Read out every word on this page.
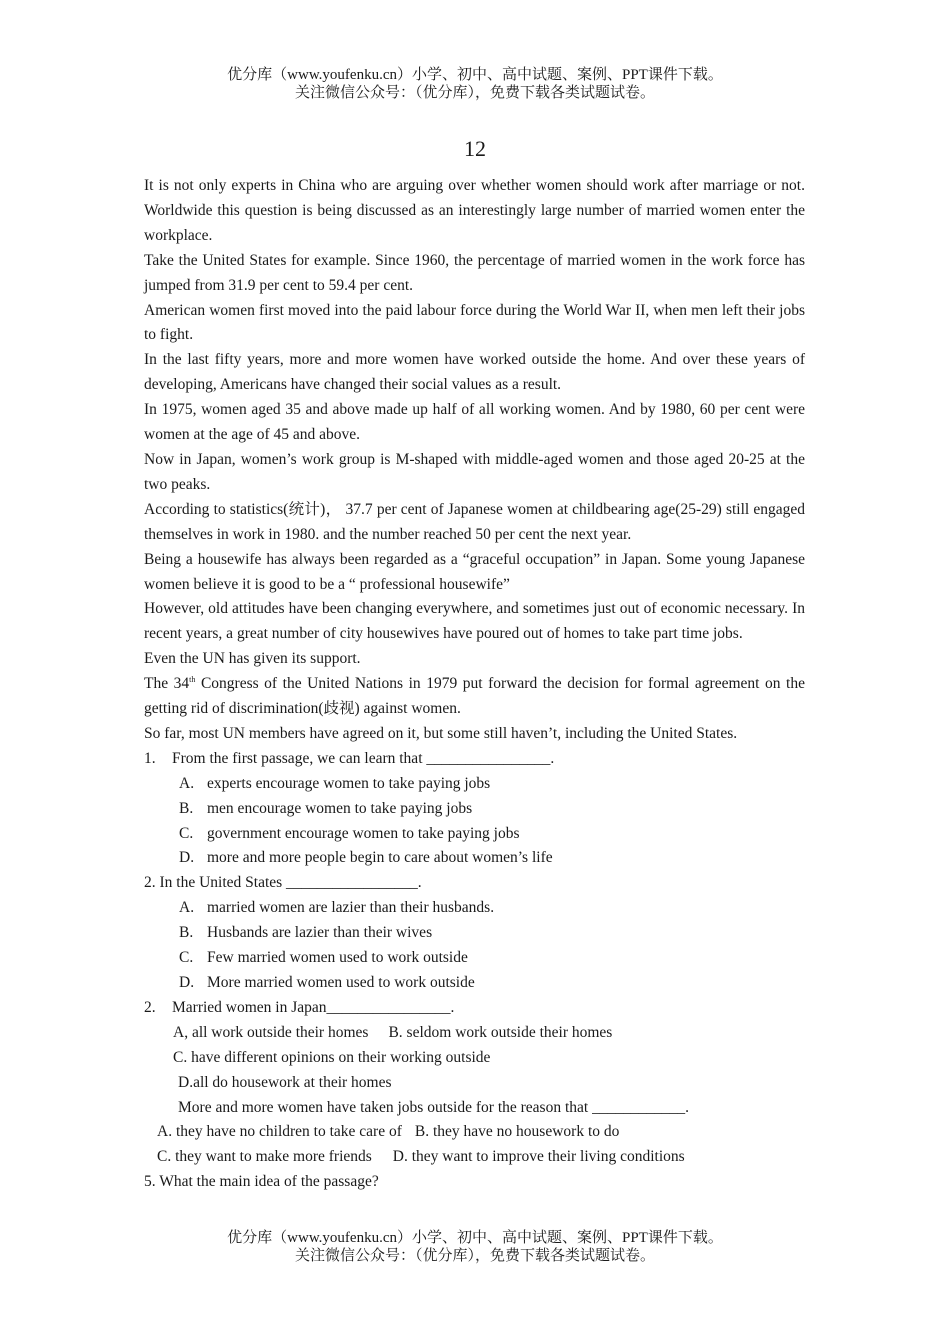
优分库（www.youfenku.cn）小学、初中、高中试题、案例、PPT课件下载。
关注微信公众号：（优分库），免费下载各类试题试卷。
12
It is not only experts in China who are arguing over whether women should work after marriage or not. Worldwide this question is being discussed as an interestingly large number of married women enter the workplace.
Take the United States for example. Since 1960, the percentage of married women in the work force has jumped from 31.9 per cent to 59.4 per cent.
American women first moved into the paid labour force during the World War II, when men left their jobs to fight.
In the last fifty years, more and more women have worked outside the home. And over these years of developing, Americans have changed their social values as a result.
In 1975, women aged 35 and above made up half of all working women. And by 1980, 60 per cent were women at the age of 45 and above.
Now in Japan, women’s work group is M-shaped with middle-aged women and those aged 20-25 at the two peaks.
According to statistics(统计)， 37.7 per cent of Japanese women at childbearing age(25-29) still engaged themselves in work in 1980. and the number reached 50 per cent the next year.
Being a housewife has always been regarded as a “graceful occupation” in Japan. Some young Japanese women believe it is good to be a “ professional housewife”
However, old attitudes have been changing everywhere, and sometimes just out of economic necessary. In recent years, a great number of city housewives have poured out of homes to take part time jobs.
Even the UN has given its support.
The 34th Congress of the United Nations in 1979 put forward the decision for formal agreement on the getting rid of discrimination(歧视) against women.
So far, most UN members have agreed on it, but some still haven’t, including the United States.
1. From the first passage, we can learn that ________________.
A. experts encourage women to take paying jobs
B. men encourage women to take paying jobs
C. government encourage women to take paying jobs
D. more and more people begin to care about women’s life
2. In the United States _________________.
A. married women are lazier than their husbands.
B. Husbands are lazier than their wives
C. Few married women used to work outside
D. More married women used to work outside
2. Married women in Japan________________.
A, all work outside their homes B. seldom work outside their homes
C. have different opinions on their working outside
D.all do housework at their homes
More and more women have taken jobs outside for the reason that ____________.
A. they have no children to take care of B. they have no housework to do
C. they want to make more friends D. they want to improve their living conditions
5. What the main idea of the passage?
优分库（www.youfenku.cn）小学、初中、高中试题、案例、PPT课件下载。
关注微信公众号：（优分库），免费下载各类试题试卷。
